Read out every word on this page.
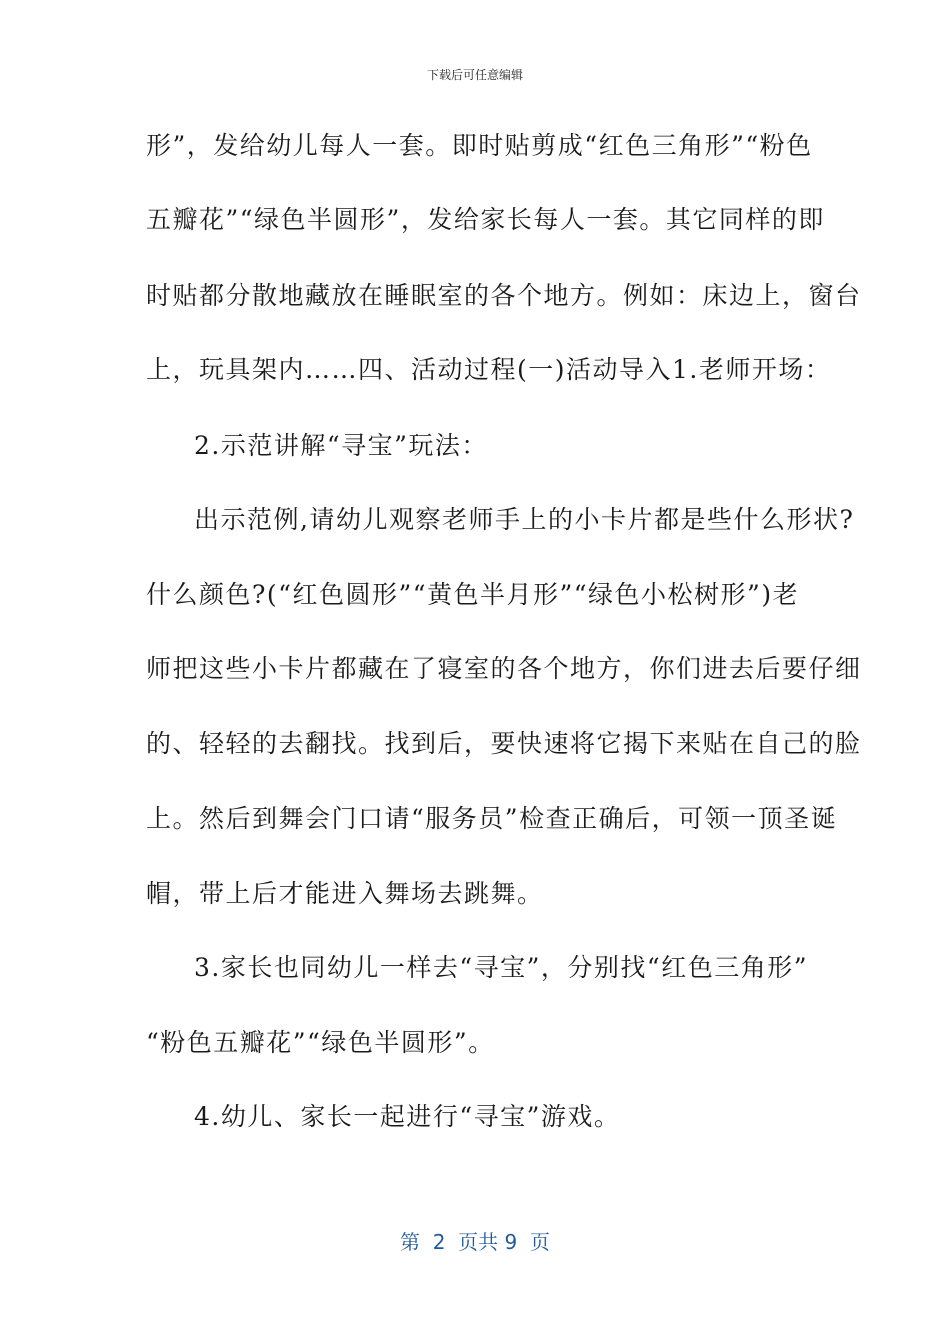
下载后可任意编辑
形”，发给幼儿每人一套。即时贴剪成“红色三角形”“粉色
五瓣花”“绿色半圆形”，发给家长每人一套。其它同样的即
时贴都分散地藏放在睡眠室的各个地方。例如：床边上，窗台
上，玩具架内……四、活动过程(一)活动导入1.老师开场：
2.示范讲解“寻宝”玩法：
出示范例,请幼儿观察老师手上的小卡片都是些什么形状?
什么颜色?(“红色圆形”“黄色半月形”“绿色小松树形”)老
师把这些小卡片都藏在了寝室的各个地方，你们进去后要仔细
的、轻轻的去翻找。找到后，要快速将它揭下来贴在自己的脸
上。然后到舞会门口请“服务员”检查正确后，可领一顶圣诞
帽，带上后才能进入舞场去跳舞。
3.家长也同幼儿一样去“寻宝”，分别找“红色三角形”
“粉色五瓣花”“绿色半圆形”。
4.幼儿、家长一起进行“寻宝”游戏。
第  2  页共 9  页
